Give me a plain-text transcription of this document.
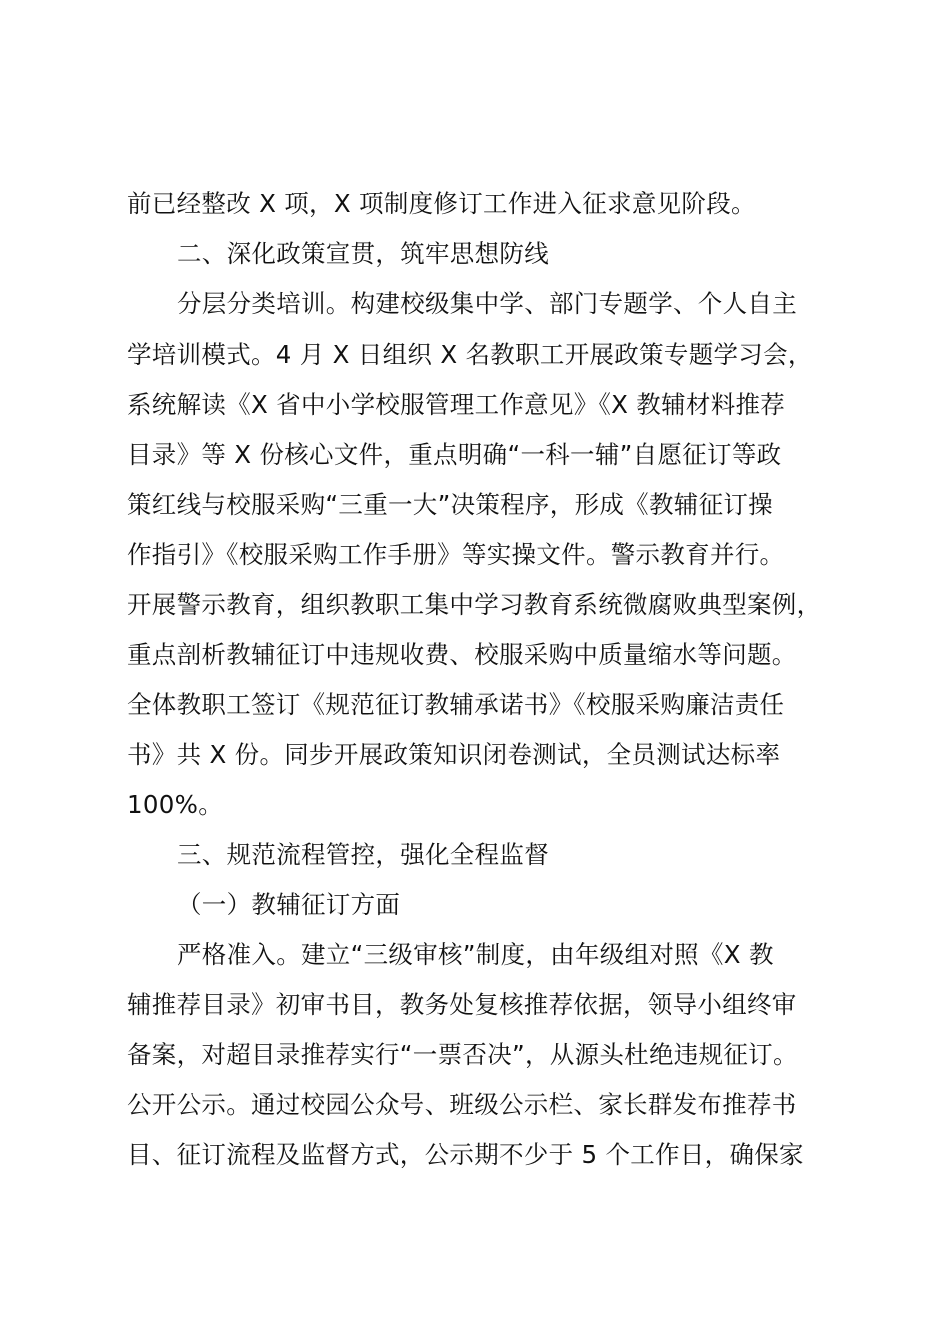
前已经整改 X 项，X 项制度修订工作进入征求意见阶段。
二、深化政策宣贯，筑牢思想防线
分层分类培训。构建校级集中学、部门专题学、个人自主
学培训模式。4 月 X 日组织 X 名教职工开展政策专题学习会，
系统解读《X 省中小学校服管理工作意见》《X 教辅材料推荐
目录》等 X 份核心文件，重点明确“一科一辅”自愿征订等政
策红线与校服采购“三重一大”决策程序，形成《教辅征订操
作指引》《校服采购工作手册》等实操文件。警示教育并行。
开展警示教育，组织教职工集中学习教育系统微腐败典型案例，
重点剖析教辅征订中违规收费、校服采购中质量缩水等问题。
全体教职工签订《规范征订教辅承诺书》《校服采购廉洁责任
书》共 X 份。同步开展政策知识闭卷测试，全员测试达标率
100%。
三、规范流程管控，强化全程监督
（一）教辅征订方面
严格准入。建立“三级审核”制度，由年级组对照《X 教
辅推荐目录》初审书目，教务处复核推荐依据，领导小组终审
备案，对超目录推荐实行“一票否决”，从源头杜绝违规征订。
公开公示。通过校园公众号、班级公示栏、家长群发布推荐书
目、征订流程及监督方式，公示期不少于 5 个工作日，确保家
